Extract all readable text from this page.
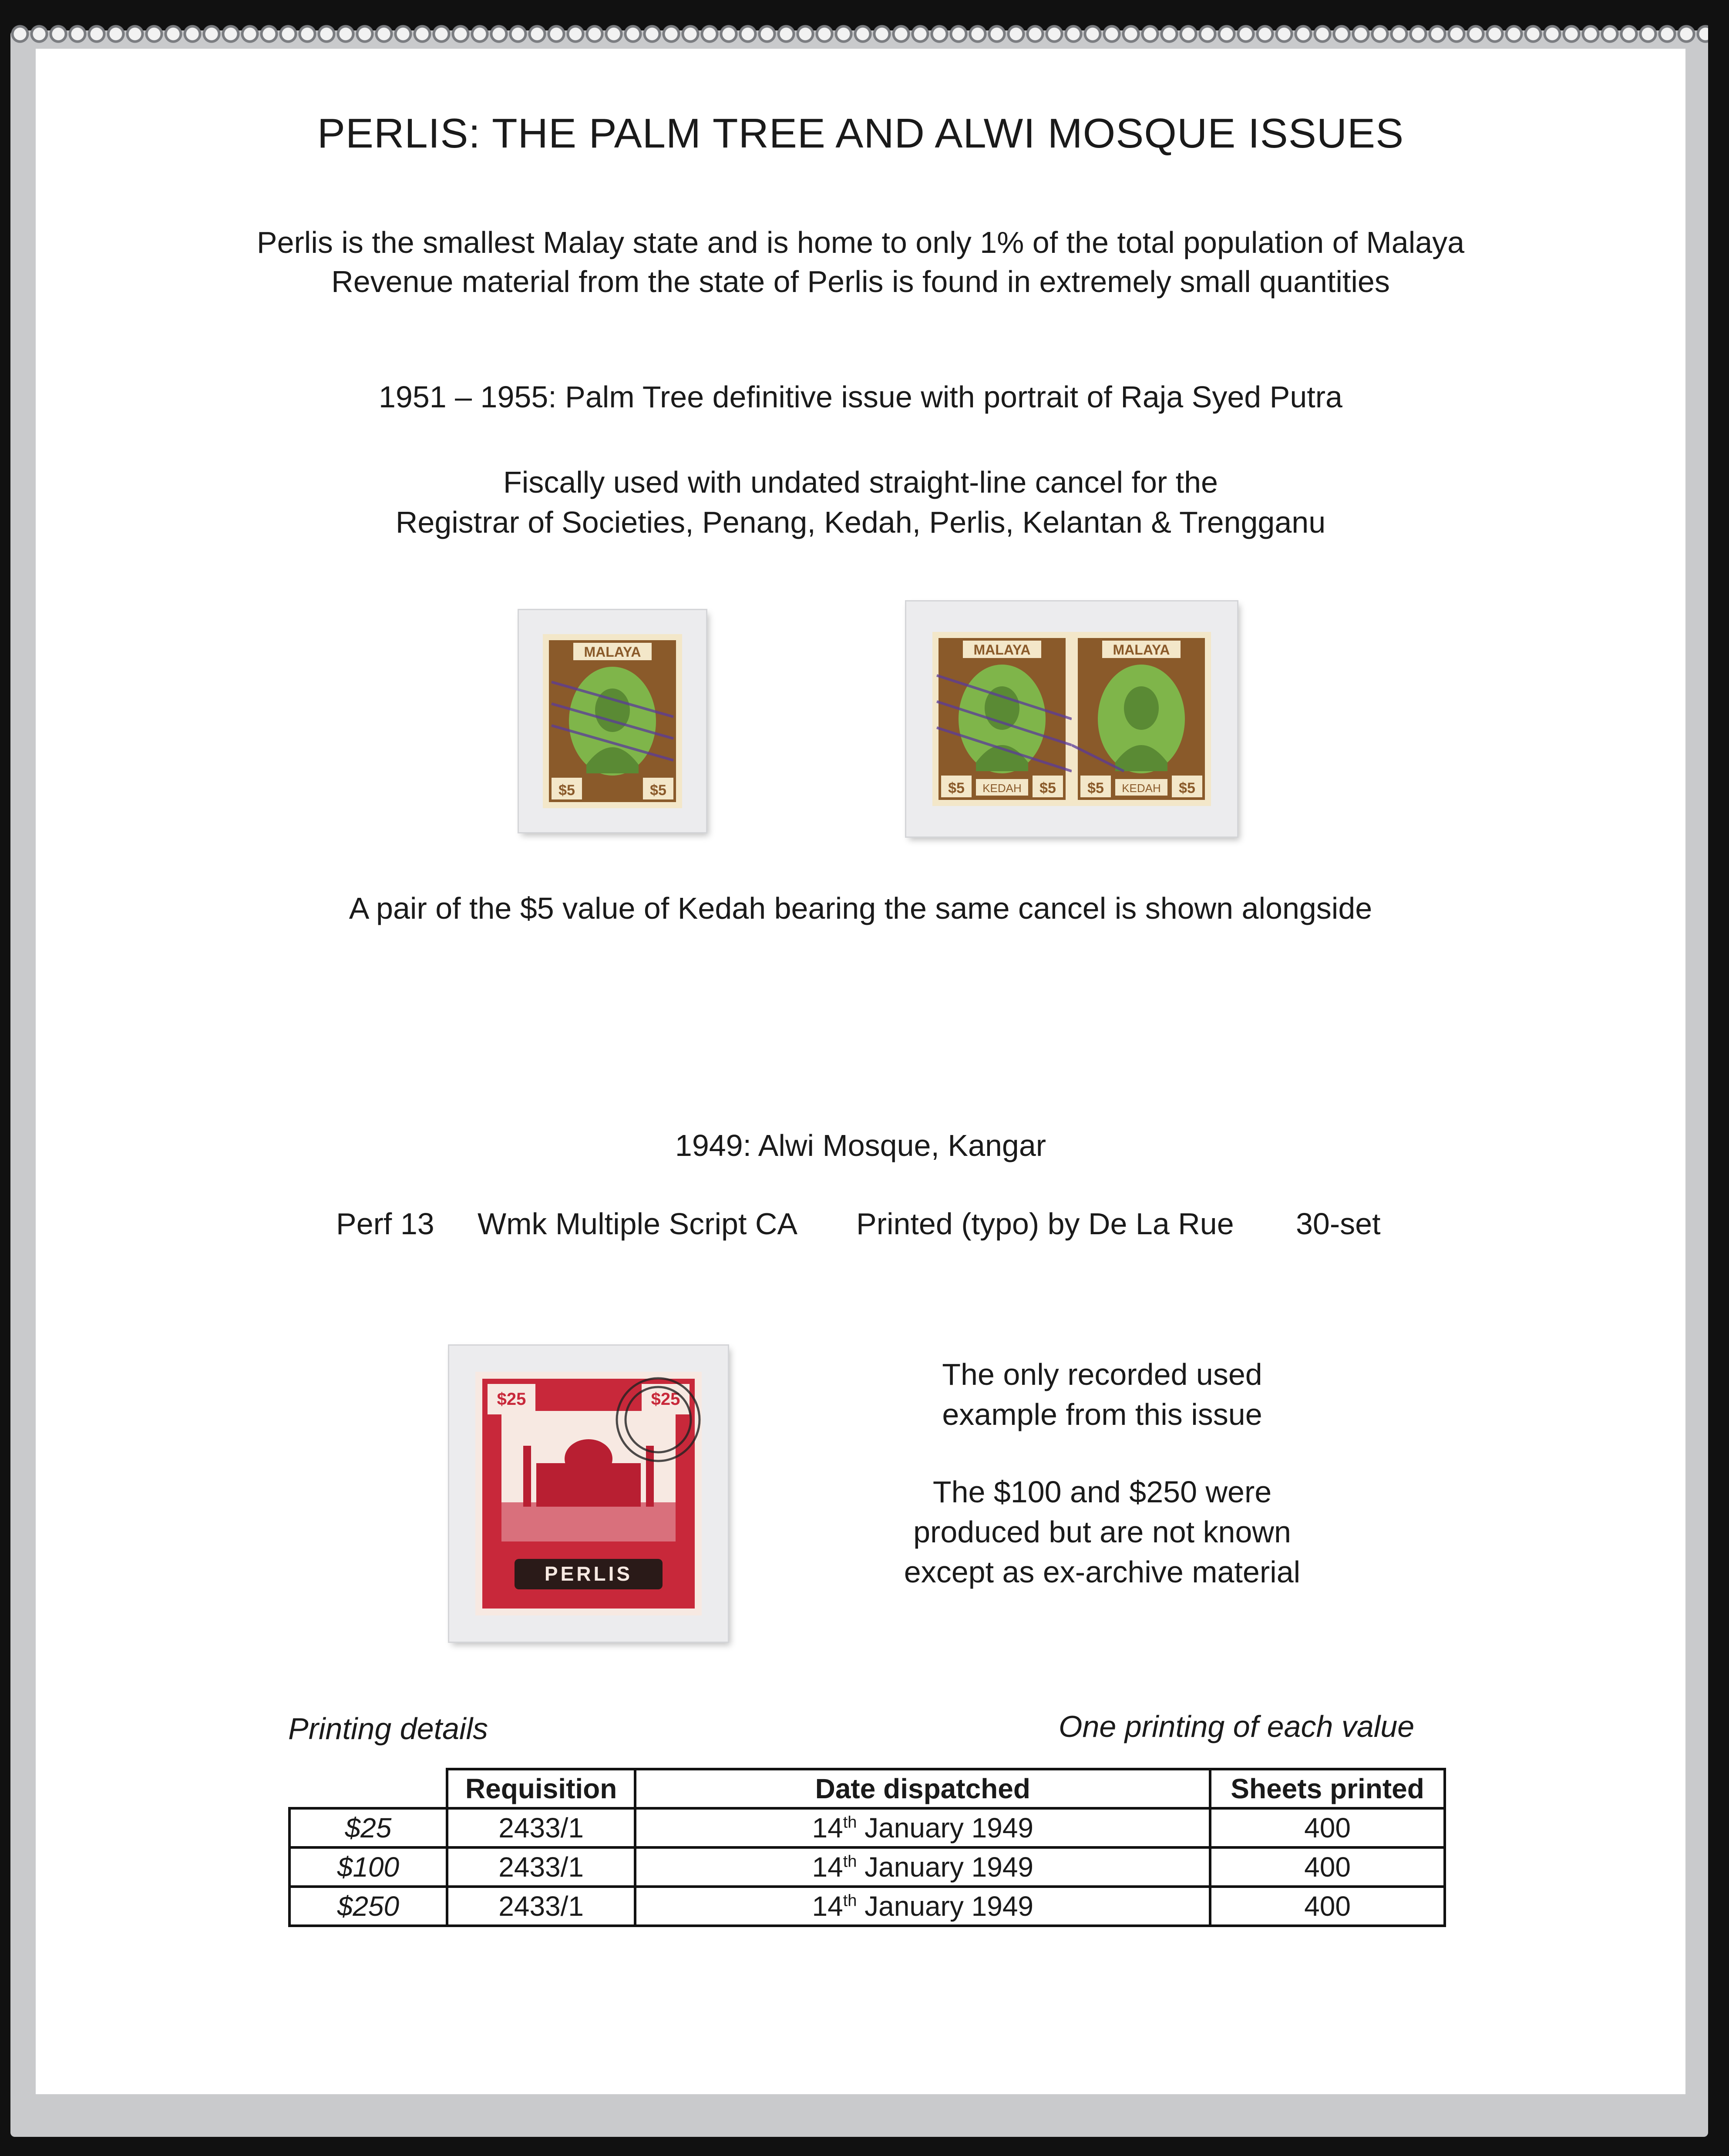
PERLIS: THE PALM TREE AND ALWI MOSQUE ISSUES
Perlis is the smallest Malay state and is home to only 1% of the total population of Malaya
Revenue material from the state of Perlis is found in extremely small quantities
1951 – 1955: Palm Tree definitive issue with portrait of Raja Syed Putra
Fiscally used with undated straight-line cancel for the
Registrar of Societies, Penang, Kedah, Perlis, Kelantan & Trengganu
MALAYA
$5	$5
MALAYA
$5 KEDAH $5
MALAYA
$5 KEDAH $5
A pair of the $5 value of Kedah bearing the same cancel is shown alongside
1949: Alwi Mosque, Kangar
Perf 13 Wmk Multiple Script CA Printed (typo) by De La Rue 30-set
$25	$25
PERLIS
The only recorded used
example from this issue
The $100 and $250 were
produced but are not known
except as ex-archive material
Printing details	One printing of each value
	Requisition	Date dispatched	Sheets printed
$25	2433/1	14th January 1949	400
$100	2433/1	14th January 1949	400
$250	2433/1	14th January 1949	400
